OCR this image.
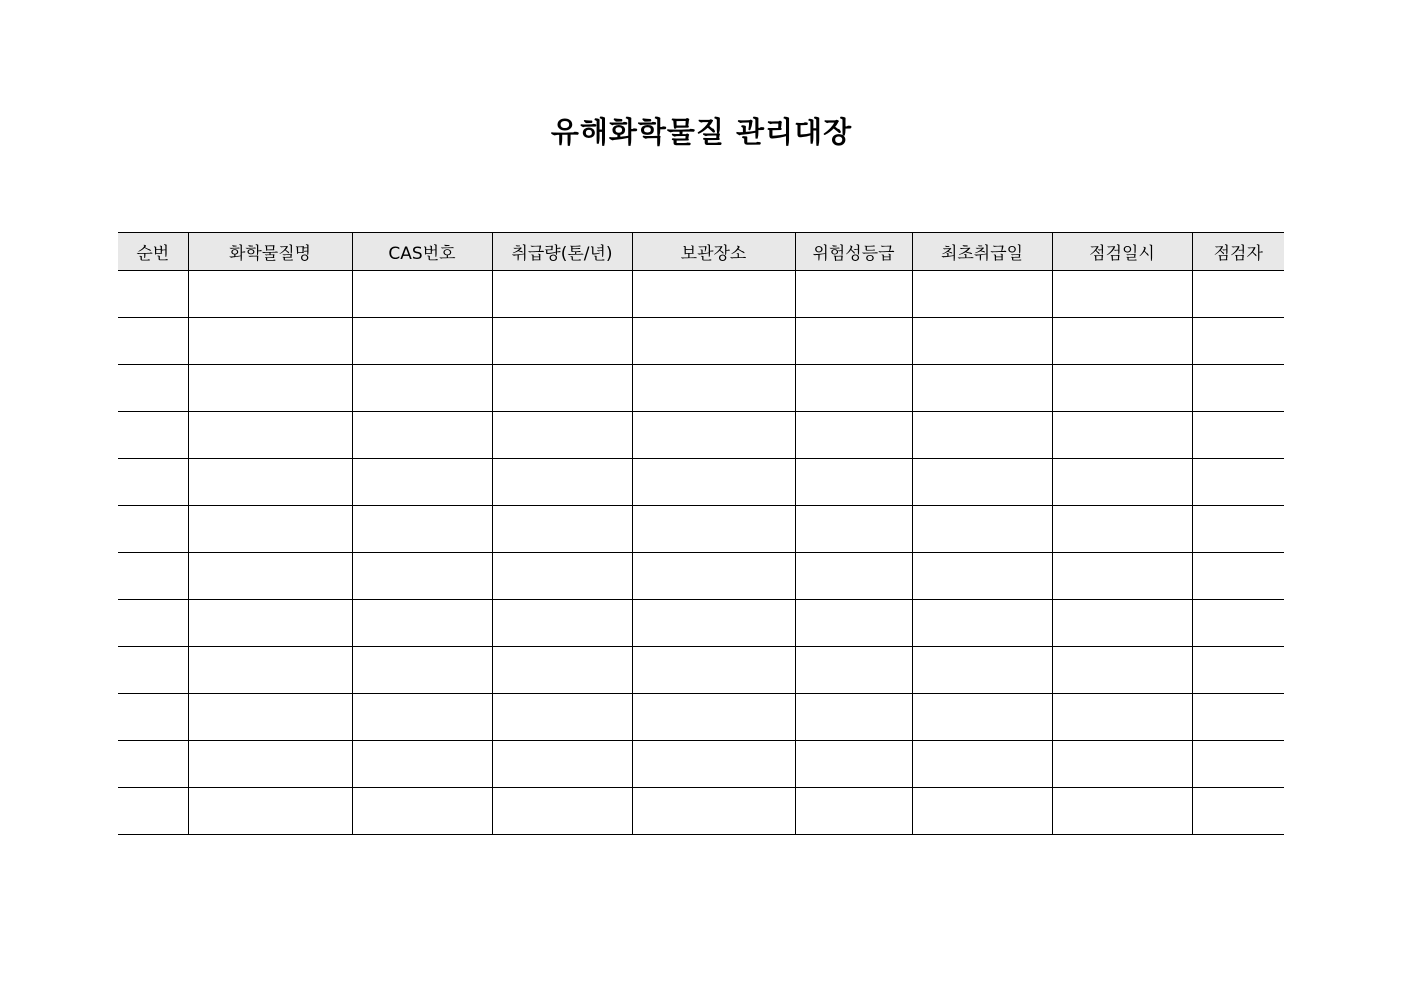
유해화학물질 관리대장
순번	화학물질명	CAS번호	취급량(톤/년)	보관장소	위험성등급	최초취급일	점검일시	점검자
